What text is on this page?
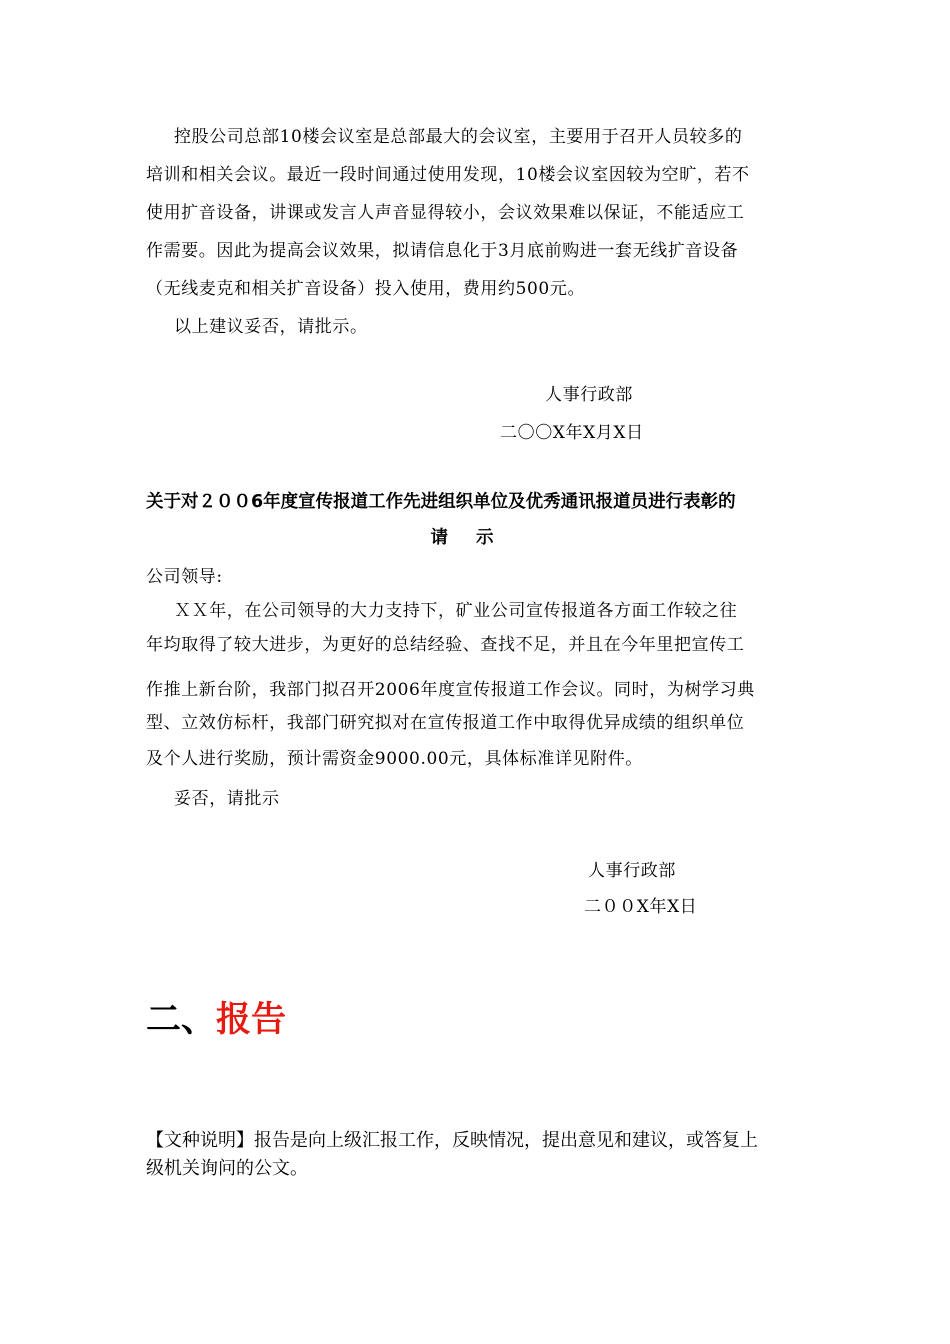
控股公司总部10楼会议室是总部最大的会议室，主要用于召开人员较多的
培训和相关会议。最近一段时间通过使用发现，10楼会议室因较为空旷，若不
使用扩音设备，讲课或发言人声音显得较小，会议效果难以保证，不能适应工
作需要。因此为提高会议效果，拟请信息化于3月底前购进一套无线扩音设备
（无线麦克和相关扩音设备）投入使用，费用约500元。
以上建议妥否，请批示。
人事行政部
二〇〇X年X月X日
关于对２００6年度宣传报道工作先进组织单位及优秀通讯报道员进行表彰的
请示
公司领导:
ＸＸ年，在公司领导的大力支持下，矿业公司宣传报道各方面工作较之往
年均取得了较大进步，为更好的总结经验、查找不足，并且在今年里把宣传工
作推上新台阶，我部门拟召开2006年度宣传报道工作会议。同时，为树学习典
型、立效仿标杆，我部门研究拟对在宣传报道工作中取得优异成绩的组织单位
及个人进行奖励，预计需资金9000.00元，具体标准详见附件。
妥否，请批示
人事行政部
二００X年X日
二、报告
【文种说明】报告是向上级汇报工作，反映情况，提出意见和建议，或答复上
级机关询问的公文。
